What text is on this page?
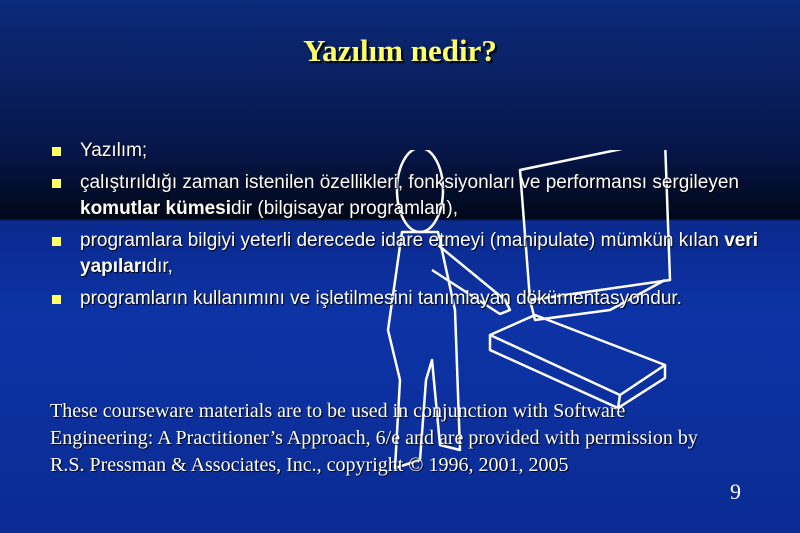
Yazılım nedir?
Yazılım;
çalıştırıldığı zaman istenilen özellikleri, fonksiyonları ve performansı sergileyen komutlar kümesidir (bilgisayar programları),
programlara bilgiyi yeterli derecede idare etmeyi (manipulate) mümkün kılan veri yapılarıdır,
programların kullanımını ve işletilmesini tanımlayan dökümentasyondur.
These courseware materials are to be used in conjunction with Software Engineering: A Practitioner’s Approach, 6/e and are provided with permission by R.S. Pressman & Associates, Inc., copyright © 1996, 2001, 2005
9
